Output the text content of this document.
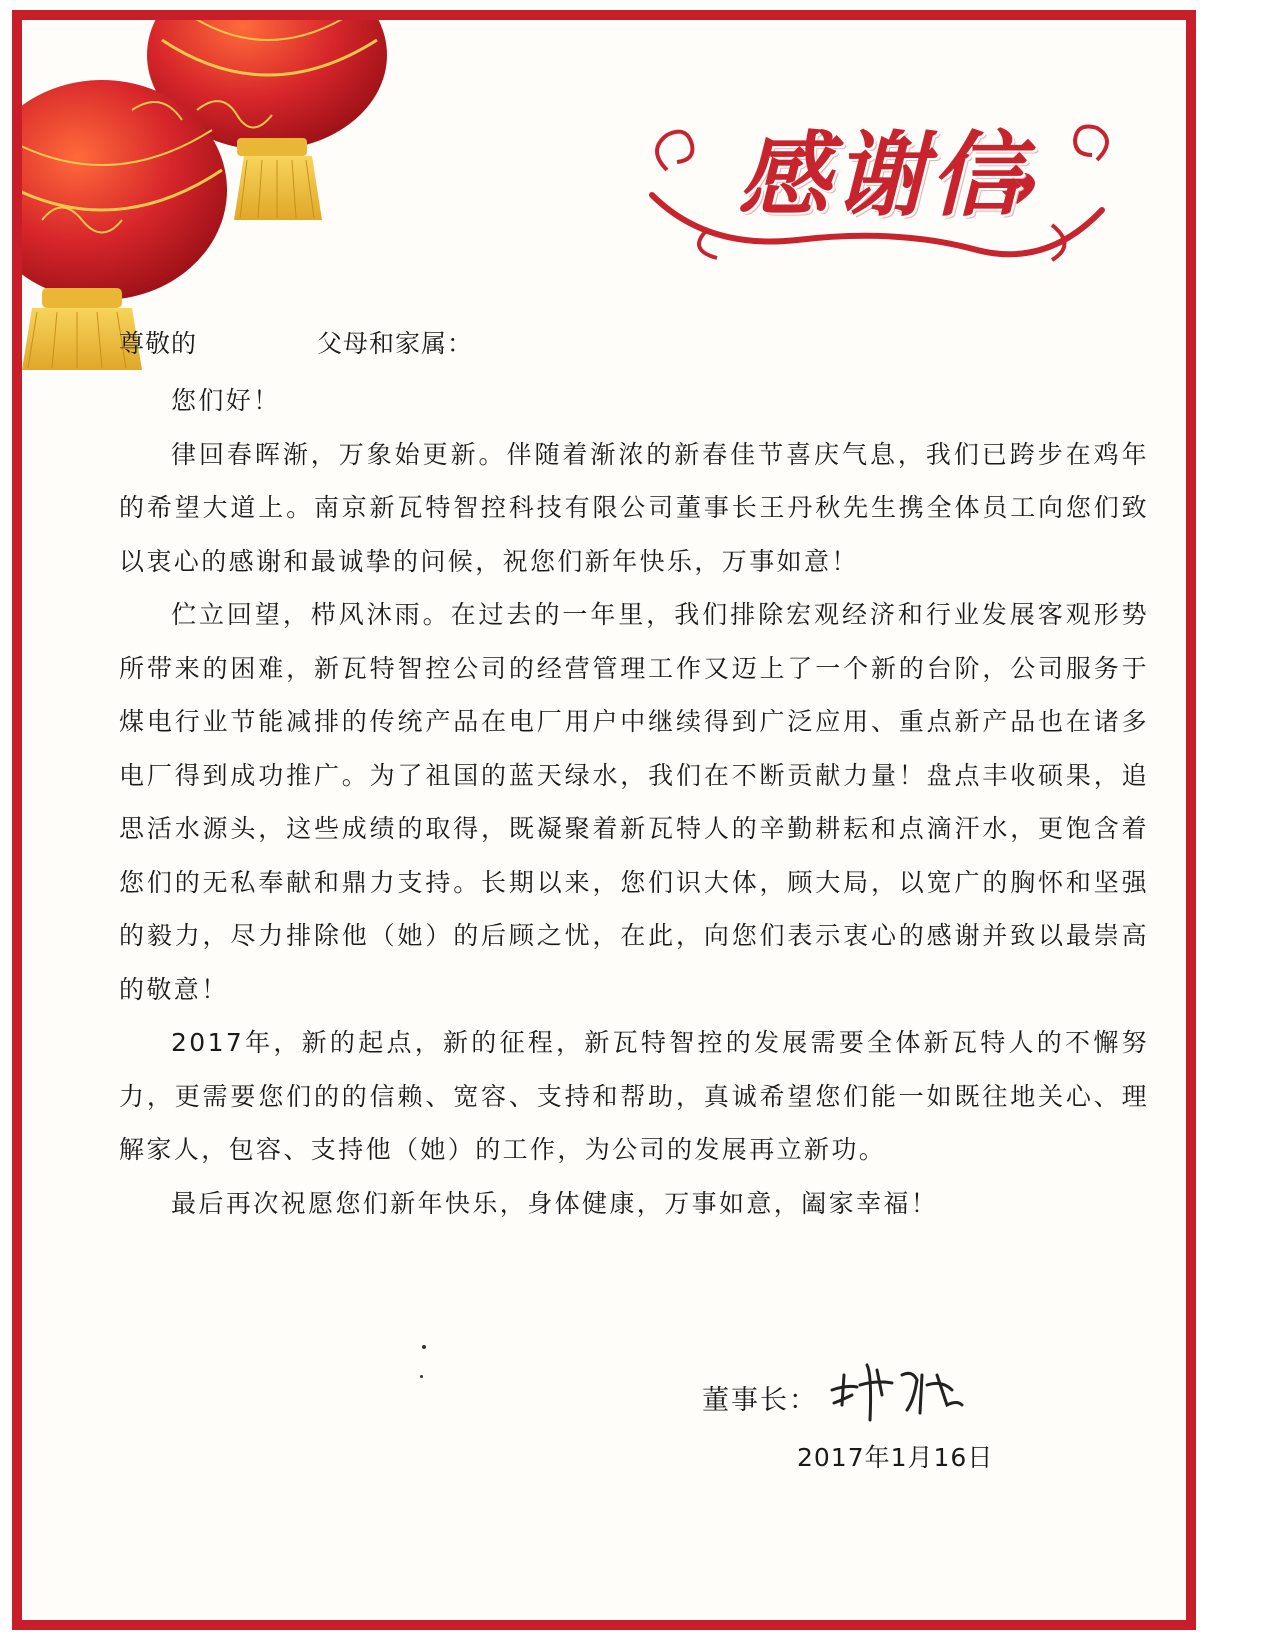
感谢信
尊敬的	父母和家属：

您们好！

律回春晖渐，万象始更新。伴随着渐浓的新春佳节喜庆气息，我们已跨步在鸡年的希望大道上。南京新瓦特智控科技有限公司董事长王丹秋先生携全体员工向您们致以衷心的感谢和最诚挚的问候，祝您们新年快乐，万事如意！

伫立回望，栉风沐雨。在过去的一年里，我们排除宏观经济和行业发展客观形势所带来的困难，新瓦特智控公司的经营管理工作又迈上了一个新的台阶，公司服务于煤电行业节能减排的传统产品在电厂用户中继续得到广泛应用、重点新产品也在诸多电厂得到成功推广。为了祖国的蓝天绿水，我们在不断贡献力量！盘点丰收硕果，追思活水源头，这些成绩的取得，既凝聚着新瓦特人的辛勤耕耘和点滴汗水，更饱含着您们的无私奉献和鼎力支持。长期以来，您们识大体，顾大局，以宽广的胸怀和坚强的毅力，尽力排除他（她）的后顾之忧，在此，向您们表示衷心的感谢并致以最崇高的敬意！

2017年，新的起点，新的征程，新瓦特智控的发展需要全体新瓦特人的不懈努力，更需要您们的的信赖、宽容、支持和帮助，真诚希望您们能一如既往地关心、理解家人，包容、支持他（她）的工作，为公司的发展再立新功。

最后再次祝愿您们新年快乐，身体健康，万事如意，阖家幸福！

董事长：
2017年1月16日
